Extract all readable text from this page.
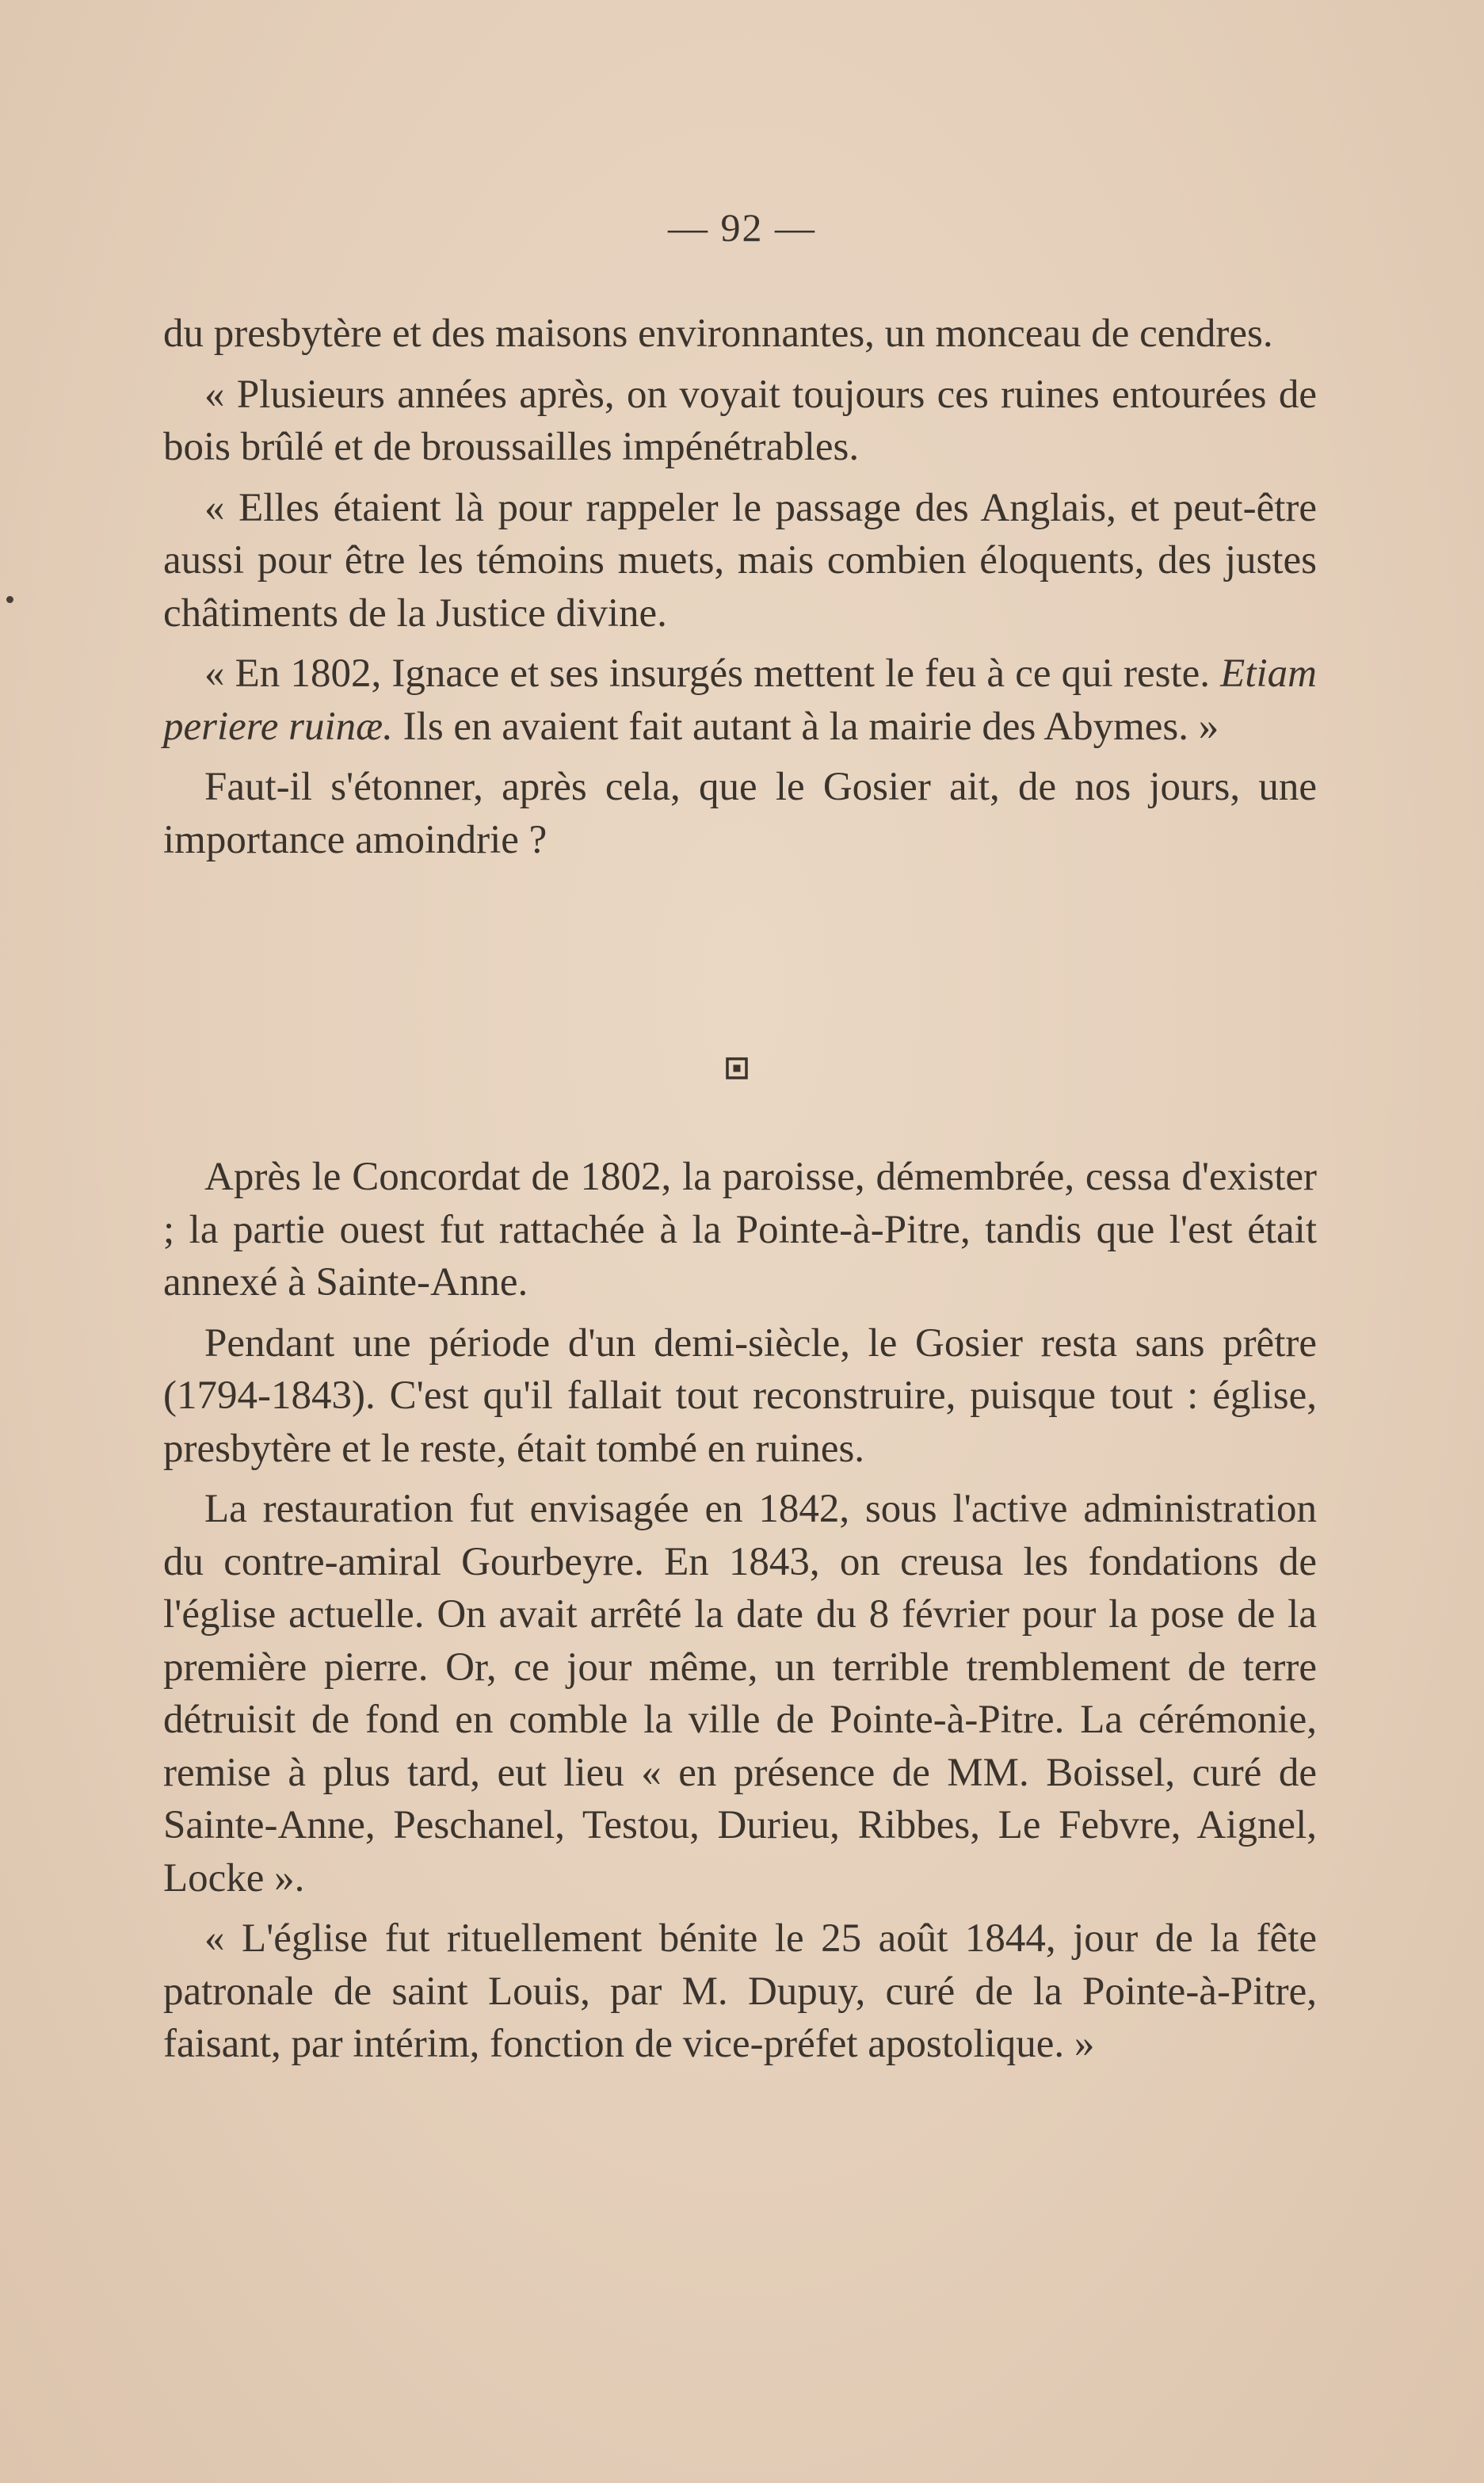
— 92 —

du presbytère et des maisons environnantes, un monceau de cendres.

« Plusieurs années après, on voyait toujours ces ruines entourées de bois brûlé et de broussailles impénétrables.

« Elles étaient là pour rappeler le passage des Anglais, et peut-être aussi pour être les témoins muets, mais combien éloquents, des justes châtiments de la Justice divine.

« En 1802, Ignace et ses insurgés mettent le feu à ce qui reste. Etiam periere ruinæ. Ils en avaient fait autant à la mairie des Abymes. »

Faut-il s'étonner, après cela, que le Gosier ait, de nos jours, une importance amoindrie ?

Après le Concordat de 1802, la paroisse, démembrée, cessa d'exister ; la partie ouest fut rattachée à la Pointe-à-Pitre, tandis que l'est était annexé à Sainte-Anne.

Pendant une période d'un demi-siècle, le Gosier resta sans prêtre (1794-1843). C'est qu'il fallait tout reconstruire, puisque tout : église, presbytère et le reste, était tombé en ruines.

La restauration fut envisagée en 1842, sous l'active administration du contre-amiral Gourbeyre. En 1843, on creusa les fondations de l'église actuelle. On avait arrêté la date du 8 février pour la pose de la première pierre. Or, ce jour même, un terrible tremblement de terre détruisit de fond en comble la ville de Pointe-à-Pitre. La cérémonie, remise à plus tard, eut lieu « en présence de MM. Boissel, curé de Sainte-Anne, Peschanel, Testou, Durieu, Ribbes, Le Febvre, Aignel, Locke ».

« L'église fut rituellement bénite le 25 août 1844, jour de la fête patronale de saint Louis, par M. Dupuy, curé de la Pointe-à-Pitre, faisant, par intérim, fonction de vice-préfet apostolique. »
